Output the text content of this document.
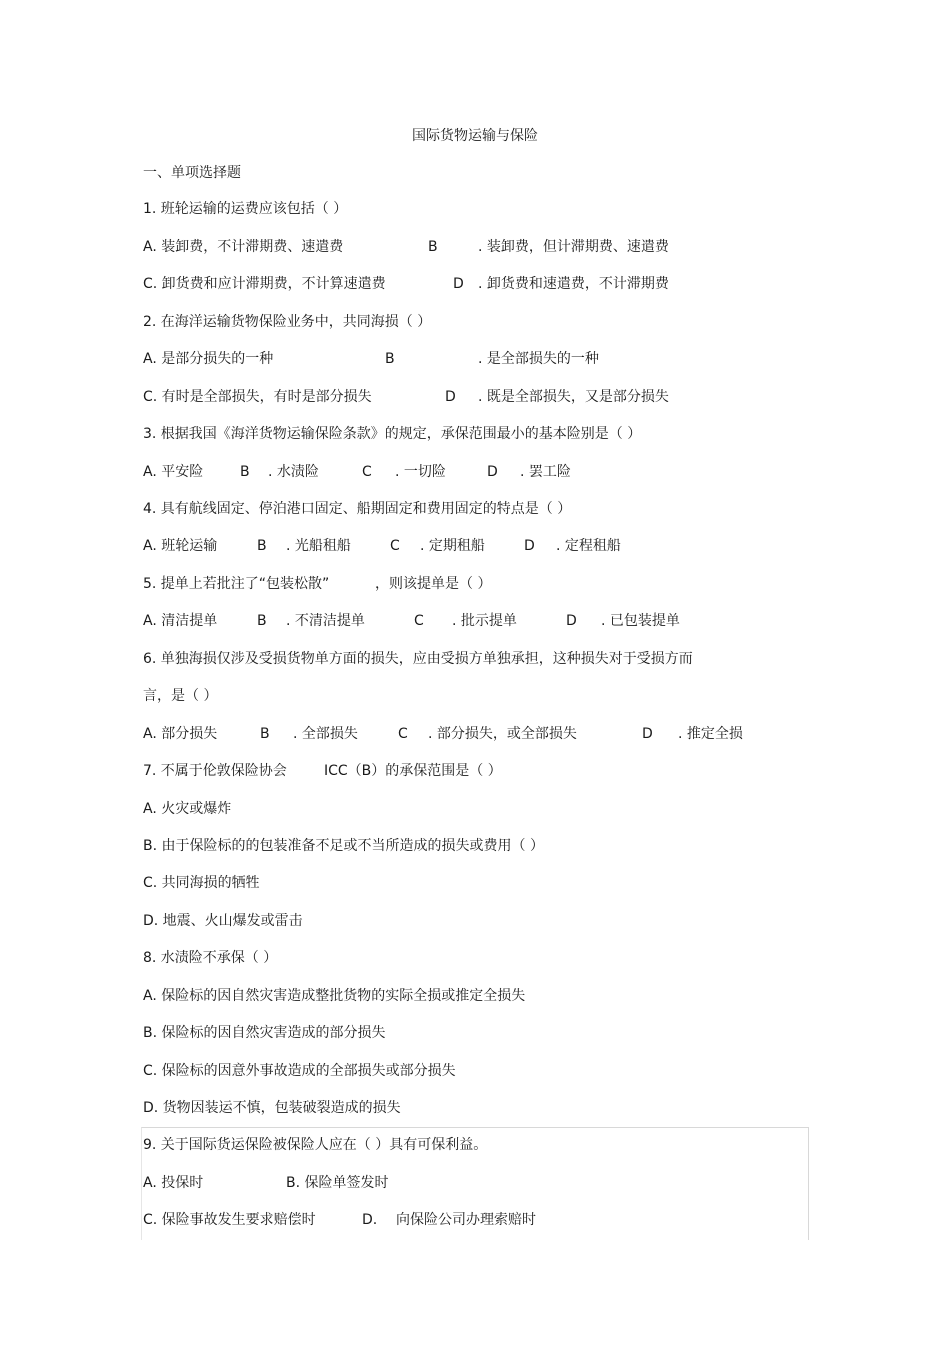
国际货物运输与保险
一、单项选择题
1. 班轮运输的运费应该包括（ ）
A. 装卸费，不计滞期费、速遣费	B	. 装卸费，但计滞期费、速遣费
C. 卸货费和应计滞期费，不计算速遣费	D . 卸货费和速遣费，不计滞期费
2. 在海洋运输货物保险业务中，共同海损（ ）
A. 是部分损失的一种	B	. 是全部损失的一种
C. 有时是全部损失，有时是部分损失	D . 既是全部损失，又是部分损失
3. 根据我国《海洋货物运输保险条款》的规定，承保范围最小的基本险别是（ ）
A. 平安险	B . 水渍险	C . 一切险	D . 罢工险
4. 具有航线固定、停泊港口固定、船期固定和费用固定的特点是（ ）
A. 班轮运输	B . 光船租船	C . 定期租船	D . 定程租船
5. 提单上若批注了“包装松散”	，则该提单是（ ）
A. 清洁提单	B . 不清洁提单	C . 批示提单	D . 已包装提单
6. 单独海损仅涉及受损货物单方面的损失，应由受损方单独承担，这种损失对于受损方而
言，是（ ）
A. 部分损失	B . 全部损失	C . 部分损失，或全部损失	D . 推定全损
7. 不属于伦敦保险协会	ICC（B）的承保范围是（ ）
A. 火灾或爆炸
B. 由于保险标的的包装准备不足或不当所造成的损失或费用（ ）
C. 共同海损的牺牲
D. 地震、火山爆发或雷击
8. 水渍险不承保（ ）
A. 保险标的因自然灾害造成整批货物的实际全损或推定全损失
B. 保险标的因自然灾害造成的部分损失
C. 保险标的因意外事故造成的全部损失或部分损失
D. 货物因装运不慎，包装破裂造成的损失
9. 关于国际货运保险被保险人应在（ ）具有可保利益。
A. 投保时	B. 保险单签发时
C. 保险事故发生要求赔偿时	D. 向保险公司办理索赔时
